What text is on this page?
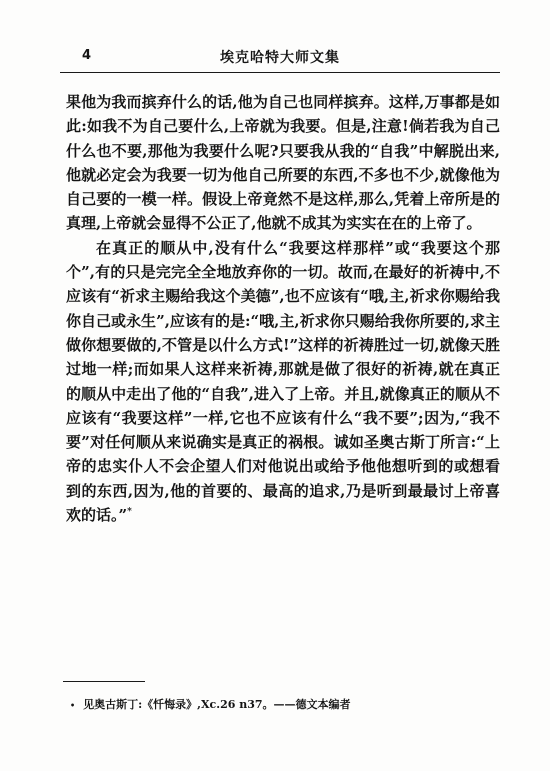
4	埃克哈特大师文集

果他为我而摈弃什么的话,他为自己也同样摈弃。这样,万事都是如此:如我不为自己要什么,上帝就为我要。但是,注意!倘若我为自己什么也不要,那他为我要什么呢?只要我从我的“自我”中解脱出来,他就必定会为我要一切为他自己所要的东西,不多也不少,就像他为自己要的一模一样。假设上帝竟然不是这样,那么,凭着上帝所是的真理,上帝就会显得不公正了,他就不成其为实实在在的上帝了。

在真正的顺从中,没有什么“我要这样那样”或“我要这个那个”,有的只是完完全全地放弃你的一切。故而,在最好的祈祷中,不应该有“祈求主赐给我这个美德”,也不应该有“哦,主,祈求你赐给我你自己或永生”,应该有的是:“哦,主,祈求你只赐给我你所要的,求主做你想要做的,不管是以什么方式!”这样的祈祷胜过一切,就像天胜过地一样;而如果人这样来祈祷,那就是做了很好的祈祷,就在真正的顺从中走出了他的“自我”,进入了上帝。并且,就像真正的顺从不应该有“我要这样”一样,它也不应该有什么“我不要”;因为,“我不要”对任何顺从来说确实是真正的祸根。诚如圣奥古斯丁所言:“上帝的忠实仆人不会企望人们对他说出或给予他他想听到的或想看到的东西,因为,他的首要的、最高的追求,乃是听到最最讨上帝喜欢的话。”*

• 见奥古斯丁:《忏悔录》,Ⅹc.26 n37。——德文本编者
